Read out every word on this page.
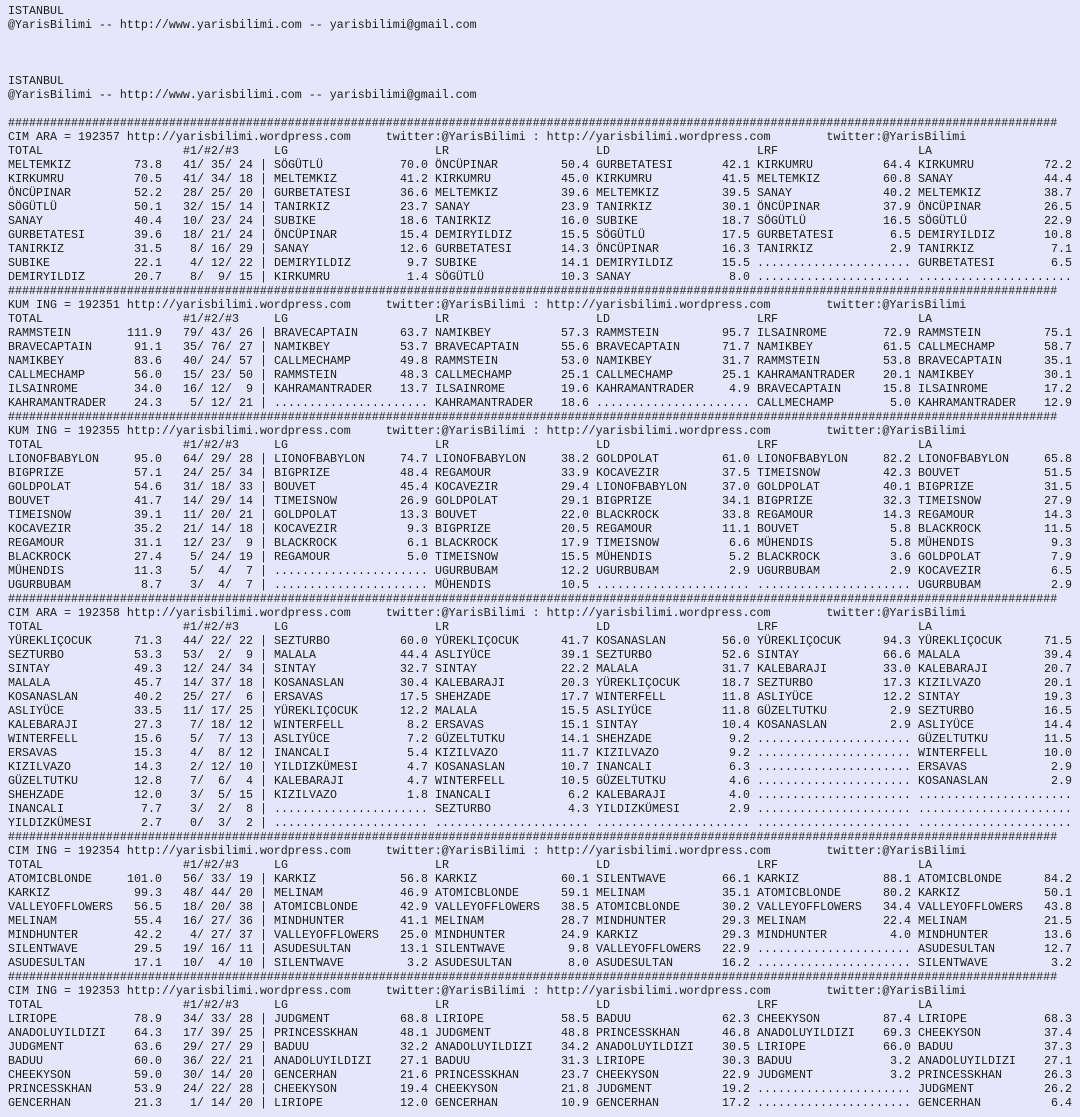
ISTANBUL
@YarisBilimi -- http://www.yarisbilimi.com -- yarisbilimi@gmail.com
ISTANBUL
@YarisBilimi -- http://www.yarisbilimi.com -- yarisbilimi@gmail.com
######################################################################################################################################################
CIM ARA = 192357 http://yarisbilimi.wordpress.com     twitter:@YarisBilimi : http://yarisbilimi.wordpress.com        twitter:@YarisBilimi
TOTAL	#1/#2/#3	LG	LR	LD	LRF	LA
MELTEMKIZ	73.8 41/ 35/ 24 | SÖGÜTLÜ	70.0 ÖNCÜPINAR	50.4 GURBETATESI	42.1 KIRKUMRU	64.4 KIRKUMRU	72.2
KIRKUMRU	70.5 41/ 34/ 18 | MELTEMKIZ	41.2 KIRKUMRU	45.0 KIRKUMRU	41.5 MELTEMKIZ	60.8 SANAY	44.4
ÖNCÜPINAR	52.2 28/ 25/ 20 | GURBETATESI	36.6 MELTEMKIZ	39.6 MELTEMKIZ	39.5 SANAY	40.2 MELTEMKIZ	38.7
SÖGÜTLÜ	50.1 32/ 15/ 14 | TANIRKIZ	23.7 SANAY	23.9 TANIRKIZ	30.1 ÖNCÜPINAR	37.9 ÖNCÜPINAR	26.5
SANAY	40.4 10/ 23/ 24 | SUBIKE	18.6 TANIRKIZ	16.0 SUBIKE	18.7 SÖGÜTLÜ	16.5 SÖGÜTLÜ	22.9
GURBETATESI	39.6 18/ 21/ 24 | ÖNCÜPINAR	15.4 DEMIRYILDIZ	15.5 SÖGÜTLÜ	17.5 GURBETATESI	6.5 DEMIRYILDIZ	10.8
TANIRKIZ	31.5 8/ 16/ 29 | SANAY	12.6 GURBETATESI	14.3 ÖNCÜPINAR	16.3 TANIRKIZ	2.9 TANIRKIZ	7.1
SUBIKE	22.1 4/ 12/ 22 | DEMIRYILDIZ	9.7 SUBIKE	14.1 DEMIRYILDIZ	15.5 ...................... GURBETATESI	6.5
DEMIRYILDIZ	20.7 8/  9/ 15 | KIRKUMRU	1.4 SÖGÜTLÜ	10.3 SANAY	8.0 ...................... ......................
######################################################################################################################################################
KUM ING = 192351 http://yarisbilimi.wordpress.com     twitter:@YarisBilimi : http://yarisbilimi.wordpress.com        twitter:@YarisBilimi
TOTAL	#1/#2/#3	LG	LR	LD	LRF	LA
RAMMSTEIN	111.9 79/ 43/ 26 | BRAVECAPTAIN	63.7 NAMIKBEY	57.3 RAMMSTEIN	95.7 ILSAINROME	72.9 RAMMSTEIN	75.1
BRAVECAPTAIN	91.1 35/ 76/ 27 | NAMIKBEY	53.7 BRAVECAPTAIN	55.6 BRAVECAPTAIN	71.7 NAMIKBEY	61.5 CALLMECHAMP	58.7
NAMIKBEY	83.6 40/ 24/ 57 | CALLMECHAMP	49.8 RAMMSTEIN	53.0 NAMIKBEY	31.7 RAMMSTEIN	53.8 BRAVECAPTAIN	35.1
CALLMECHAMP	56.0 15/ 23/ 50 | RAMMSTEIN	48.3 CALLMECHAMP	25.1 CALLMECHAMP	25.1 KAHRAMANTRADER	20.1 NAMIKBEY	30.1
ILSAINROME	34.0 16/ 12/  9 | KAHRAMANTRADER	13.7 ILSAINROME	19.6 KAHRAMANTRADER	4.9 BRAVECAPTAIN	15.8 ILSAINROME	17.2
KAHRAMANTRADER	24.3 5/ 12/ 21 | ...................... KAHRAMANTRADER	18.6 ...................... CALLMECHAMP	5.0 KAHRAMANTRADER	12.9
######################################################################################################################################################
KUM ING = 192355 http://yarisbilimi.wordpress.com     twitter:@YarisBilimi : http://yarisbilimi.wordpress.com        twitter:@YarisBilimi
TOTAL	#1/#2/#3	LG	LR	LD	LRF	LA
LIONOFBABYLON	95.0 64/ 29/ 28 | LIONOFBABYLON	74.7 LIONOFBABYLON	38.2 GOLDPOLAT	61.0 LIONOFBABYLON	82.2 LIONOFBABYLON	65.8
BIGPRIZE	57.1 24/ 25/ 34 | BIGPRIZE	48.4 REGAMOUR	33.9 KOCAVEZIR	37.5 TIMEISNOW	42.3 BOUVET	51.5
GOLDPOLAT	54.6 31/ 18/ 33 | BOUVET	45.4 KOCAVEZIR	29.4 LIONOFBABYLON	37.0 GOLDPOLAT	40.1 BIGPRIZE	31.5
BOUVET	41.7 14/ 29/ 14 | TIMEISNOW	26.9 GOLDPOLAT	29.1 BIGPRIZE	34.1 BIGPRIZE	32.3 TIMEISNOW	27.9
TIMEISNOW	39.1 11/ 20/ 21 | GOLDPOLAT	13.3 BOUVET	22.0 BLACKROCK	33.8 REGAMOUR	14.3 REGAMOUR	14.3
KOCAVEZIR	35.2 21/ 14/ 18 | KOCAVEZIR	9.3 BIGPRIZE	20.5 REGAMOUR	11.1 BOUVET	5.8 BLACKROCK	11.5
REGAMOUR	31.1 12/ 23/  9 | BLACKROCK	6.1 BLACKROCK	17.9 TIMEISNOW	6.6 MÜHENDIS	5.8 MÜHENDIS	9.3
BLACKROCK	27.4 5/ 24/ 19 | REGAMOUR	5.0 TIMEISNOW	15.5 MÜHENDIS	5.2 BLACKROCK	3.6 GOLDPOLAT	7.9
MÜHENDIS	11.3 5/  4/  7 | ...................... UGURBUBAM	12.2 UGURBUBAM	2.9 UGURBUBAM	2.9 KOCAVEZIR	6.5
UGURBUBAM	8.7 3/  4/  7 | ...................... MÜHENDIS	10.5 ...................... ...................... UGURBUBAM	2.9
######################################################################################################################################################
CIM ARA = 192358 http://yarisbilimi.wordpress.com     twitter:@YarisBilimi : http://yarisbilimi.wordpress.com        twitter:@YarisBilimi
TOTAL	#1/#2/#3	LG	LR	LD	LRF	LA
YÜREKLIÇOCUK	71.3 44/ 22/ 22 | SEZTURBO	60.0 YÜREKLIÇOCUK	41.7 KOSANASLAN	56.0 YÜREKLIÇOCUK	94.3 YÜREKLIÇOCUK	71.5
SEZTURBO	53.3 53/  2/  9 | MALALA	44.4 ASLIYÜCE	39.1 SEZTURBO	52.6 SINTAY	66.6 MALALA	39.4
SINTAY	49.3 12/ 24/ 34 | SINTAY	32.7 SINTAY	22.2 MALALA	31.7 KALEBARAJI	33.0 KALEBARAJI	20.7
MALALA	45.7 14/ 37/ 18 | KOSANASLAN	30.4 KALEBARAJI	20.3 YÜREKLIÇOCUK	18.7 SEZTURBO	17.3 KIZILVAZO	20.1
KOSANASLAN	40.2 25/ 27/  6 | ERSAVAS	17.5 SHEHZADE	17.7 WINTERFELL	11.8 ASLIYÜCE	12.2 SINTAY	19.3
ASLIYÜCE	33.5 11/ 17/ 25 | YÜREKLIÇOCUK	12.2 MALALA	15.5 ASLIYÜCE	11.8 GÜZELTUTKU	2.9 SEZTURBO	16.5
KALEBARAJI	27.3 7/ 18/ 12 | WINTERFELL	8.2 ERSAVAS	15.1 SINTAY	10.4 KOSANASLAN	2.9 ASLIYÜCE	14.4
WINTERFELL	15.6 5/  7/ 13 | ASLIYÜCE	7.2 GÜZELTUTKU	14.1 SHEHZADE	9.2 ...................... GÜZELTUTKU	11.5
ERSAVAS	15.3 4/  8/ 12 | INANCALI	5.4 KIZILVAZO	11.7 KIZILVAZO	9.2 ...................... WINTERFELL	10.0
KIZILVAZO	14.3 2/ 12/ 10 | YILDIZKÜMESI	4.7 KOSANASLAN	10.7 INANCALI	6.3 ...................... ERSAVAS	2.9
GÜZELTUTKU	12.8 7/  6/  4 | KALEBARAJI	4.7 WINTERFELL	10.5 GÜZELTUTKU	4.6 ...................... KOSANASLAN	2.9
SHEHZADE	12.0 3/  5/ 15 | KIZILVAZO	1.8 INANCALI	6.2 KALEBARAJI	4.0 ...................... ......................
INANCALI	7.7 3/  2/  8 | ...................... SEZTURBO	4.3 YILDIZKÜMESI	2.9 ...................... ......................
YILDIZKÜMESI	2.7 0/  3/  2 | ...................... ...................... ...................... ...................... ......................
######################################################################################################################################################
CIM ING = 192354 http://yarisbilimi.wordpress.com     twitter:@YarisBilimi : http://yarisbilimi.wordpress.com        twitter:@YarisBilimi
TOTAL	#1/#2/#3	LG	LR	LD	LRF	LA
ATOMICBLONDE	101.0 56/ 33/ 19 | KARKIZ	56.8 KARKIZ	60.1 SILENTWAVE	66.1 KARKIZ	88.1 ATOMICBLONDE	84.2
KARKIZ	99.3 48/ 44/ 20 | MELINAM	46.9 ATOMICBLONDE	59.1 MELINAM	35.1 ATOMICBLONDE	80.2 KARKIZ	50.1
VALLEYOFFLOWERS	56.5 18/ 20/ 38 | ATOMICBLONDE	42.9 VALLEYOFFLOWERS	38.5 ATOMICBLONDE	30.2 VALLEYOFFLOWERS	34.4 VALLEYOFFLOWERS	43.8
MELINAM	55.4 16/ 27/ 36 | MINDHUNTER	41.1 MELINAM	28.7 MINDHUNTER	29.3 MELINAM	22.4 MELINAM	21.5
MINDHUNTER	42.2 4/ 27/ 37 | VALLEYOFFLOWERS	25.0 MINDHUNTER	24.9 KARKIZ	29.3 MINDHUNTER	4.0 MINDHUNTER	13.6
SILENTWAVE	29.5 19/ 16/ 11 | ASUDESULTAN	13.1 SILENTWAVE	9.8 VALLEYOFFLOWERS	22.9 ...................... ASUDESULTAN	12.7
ASUDESULTAN	17.1 10/  4/ 10 | SILENTWAVE	3.2 ASUDESULTAN	8.0 ASUDESULTAN	16.2 ...................... SILENTWAVE	3.2
######################################################################################################################################################
CIM ING = 192353 http://yarisbilimi.wordpress.com     twitter:@YarisBilimi : http://yarisbilimi.wordpress.com        twitter:@YarisBilimi
TOTAL	#1/#2/#3	LG	LR	LD	LRF	LA
LIRIOPE	78.9 34/ 33/ 28 | JUDGMENT	68.8 LIRIOPE	58.5 BADUU	62.3 CHEEKYSON	87.4 LIRIOPE	68.3
ANADOLUYILDIZI	64.3 17/ 39/ 25 | PRINCESSKHAN	48.1 JUDGMENT	48.8 PRINCESSKHAN	46.8 ANADOLUYILDIZI	69.3 CHEEKYSON	37.4
JUDGMENT	63.6 29/ 27/ 29 | BADUU	32.2 ANADOLUYILDIZI	34.2 ANADOLUYILDIZI	30.5 LIRIOPE	66.0 BADUU	37.3
BADUU	60.0 36/ 22/ 21 | ANADOLUYILDIZI	27.1 BADUU	31.3 LIRIOPE	30.3 BADUU	3.2 ANADOLUYILDIZI	27.1
CHEEKYSON	59.0 30/ 14/ 20 | GENCERHAN	21.6 PRINCESSKHAN	23.7 CHEEKYSON	22.9 JUDGMENT	3.2 PRINCESSKHAN	26.3
PRINCESSKHAN	53.9 24/ 22/ 28 | CHEEKYSON	19.4 CHEEKYSON	21.8 JUDGMENT	19.2 ...................... JUDGMENT	26.2
GENCERHAN	21.3 1/ 14/ 20 | LIRIOPE	12.0 GENCERHAN	10.9 GENCERHAN	17.2 ...................... GENCERHAN	6.4
